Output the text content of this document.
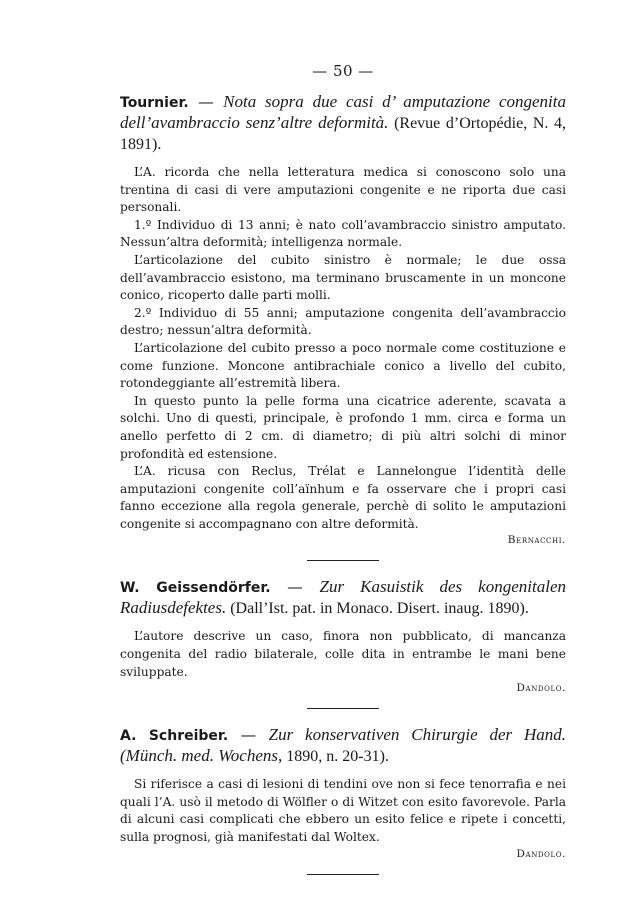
— 50 —
Tournier. — Nota sopra due casi d’ amputazione congenita dell’avambraccio senz’altre deformità. (Revue d’Ortopédie, N. 4, 1891).

L’A. ricorda che nella letteratura medica si conoscono solo una trentina di casi di vere amputazioni congenite e ne riporta due casi personali.

1.º Individuo di 13 anni; è nato coll’avambraccio sinistro amputato. Nessun’altra deformità; intelligenza normale.

L’articolazione del cubito sinistro è normale; le due ossa dell’avambraccio esistono, ma terminano bruscamente in un moncone conico, ricoperto dalle parti molli.

2.º Individuo di 55 anni; amputazione congenita dell’avambraccio destro; nessun’altra deformità.

L’articolazione del cubito presso a poco normale come costituzione e come funzione. Moncone antibrachiale conico a livello del cubito, rotondeggiante all’estremità libera.

In questo punto la pelle forma una cicatrice aderente, scavata a solchi. Uno di questi, principale, è profondo 1 mm. circa e forma un anello perfetto di 2 cm. di diametro; di più altri solchi di minor profondità ed estensione.

L’A. ricusa con Reclus, Trélat e Lannelongue l’identità delle amputazioni congenite coll’aïnhum e fa osservare che i propri casi fanno eccezione alla regola generale, perchè di solito le amputazioni congenite si accompagnano con altre deformità.

Bernacchi.
W. Geissendörfer. — Zur Kasuistik des kongenitalen Radiusdefektes. (Dall’Ist. pat. in Monaco. Disert. inaug. 1890).

L’autore descrive un caso, finora non pubblicato, di mancanza congenita del radio bilaterale, colle dita in entrambe le mani bene sviluppate.

Dandolo.
A. Schreiber. — Zur konservativen Chirurgie der Hand. (Münch. med. Wochens, 1890, n. 20-31).

Si riferisce a casi di lesioni di tendini ove non si fece tenorrafia e nei quali l’A. usò il metodo di Wölfler o di Witzet con esito favorevole. Parla di alcuni casi complicati che ebbero un esito felice e ripete i concetti, sulla prognosi, già manifestati dal Woltex.

Dandolo.
